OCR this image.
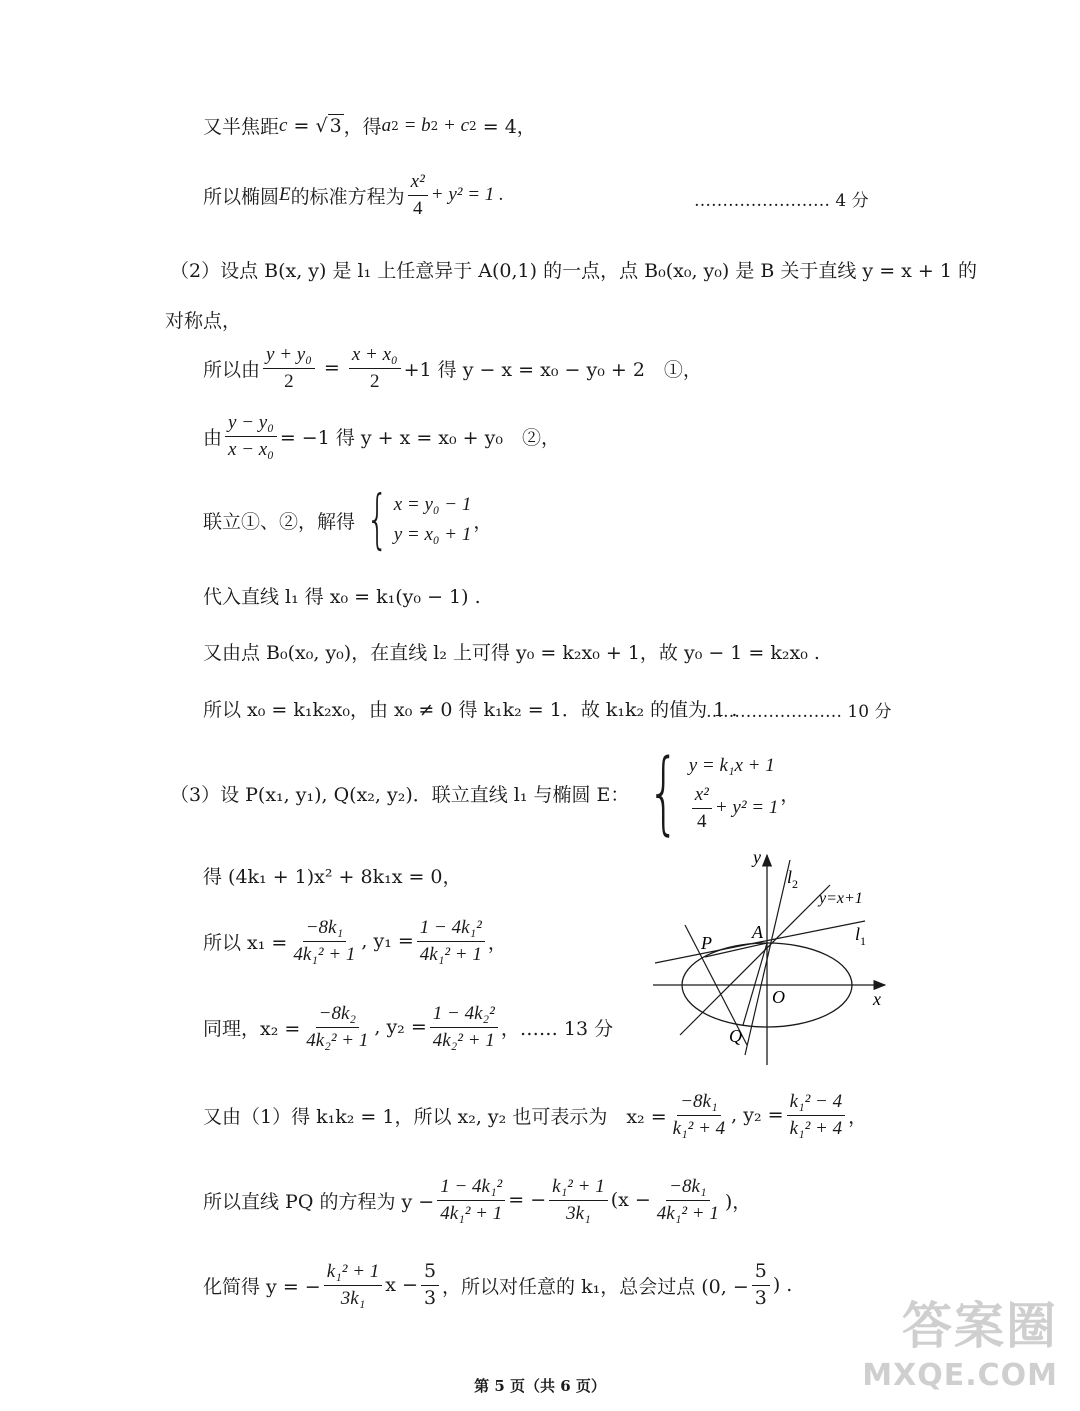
又半焦距 c = √ 3 ，得 a 2
= b 2
+ c 2
= 4，
所以椭圆 E 的标准方程为 $\frac{\text{x²}}{4} + y^2 = 1$ .	…………………… 4 分
（2）设点 B(x, y) 是 l₁ 上任意异于 A(0,1) 的一点，点 B₀(x₀, y₀) 是 B 关于直线 y = x + 1 的
对称点，
所以由 $\frac{\text{y + y₀}}{2} = \frac{\text{x + x₀}}{2} +1$ 得 y − x = x₀ − y₀ + 2　①，
由 $\frac{\text{y − y₀}}{\text{x − x₀}} = -1$ 得 y + x = x₀ + y₀　②，
联立①、②，解得 { x = y₀ − 1
y = x₀ + 1
，
代入直线 l₁ 得 x₀ = k₁(y₀ − 1) .
又由点 B₀(x₀, y₀)，在直线 l₂ 上可得 y₀ = k₂x₀ + 1，故 y₀ − 1 = k₂x₀ .
所以 x₀ = k₁k₂x₀，由 x₀ ≠ 0 得 k₁k₂ = 1．故 k₁k₂ 的值为 1 .
…………………… 10 分
（3）设 P(x₁, y₁), Q(x₂, y₂)．联立直线 l₁ 与椭圆 E： { y = k₁x + 1
$\frac{\text{x²}}{4} + y^2 = 1$
，
得 (4k₁ + 1)x² + 8k₁x = 0，
所以 $x_1 = \frac{\text{−8k₁}}{\text{4k₁² + 1}}$ , $y_1 = \frac{\text{1 − 4k₁²}}{\text{4k₁² + 1}}$ ，
同理，$x_2 = \frac{\text{−8k₂}}{\text{4k₂² + 1}}$ , $y_2 = \frac{\text{1 − 4k₂²}}{\text{4k₂² + 1}}$ ，…… 13 分
又由（1）得 k₁k₂ = 1，所以 x₂, y₂ 也可表示为　$x_2 = \frac{\text{−8k₁}}{\text{k₁² + 4}}$ , $y_2 = \frac{\text{k₁² − 4}}{\text{k₁² + 4}}$ ，
所以直线 PQ 的方程为 $y - \frac{\text{1 − 4k₁²}}{\text{4k₁² + 1}}$ = − $\frac{\text{k₁² + 1}}{\text{3k₁}} (x - \frac{\text{−8k₁}}{\text{4k₁² + 1}}$ )，
化简得 y = − $\frac{\text{k₁² + 1}}{\text{3k₁}}$ $x - \frac{5}{3}$ ，所以对任意的 k₁，总会过点 (0, − $\frac{5}{3}$ ) .
y
x
O
A
P
Q
$l_2$
$l_1$
y=x+1
第 5 页（共 6 页）
答案圈
MXQE.COM
